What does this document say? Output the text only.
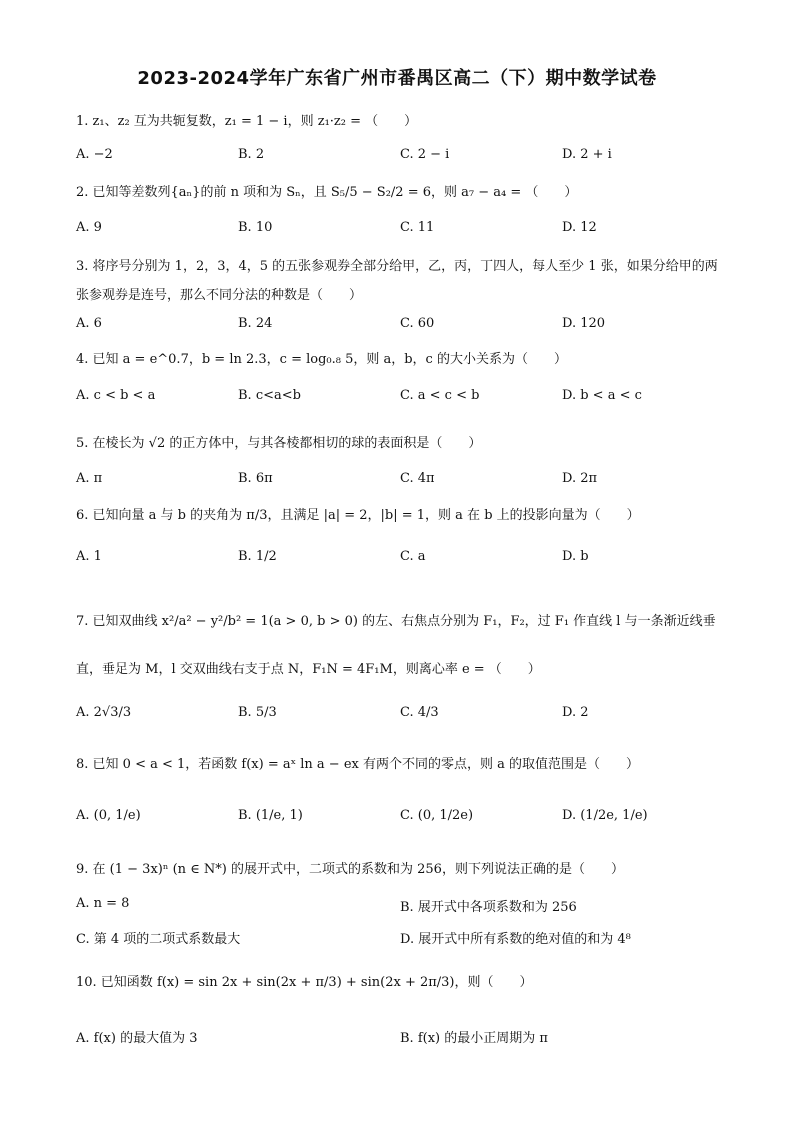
2023-2024学年广东省广州市番禺区高二（下）期中数学试卷
1. z₁、z₂ 互为共轭复数，z₁ = 1 − i，则 z₁·z₂ = （　　）
A. −2	B. 2	C. 2 − i	D. 2 + i
2. 已知等差数列{aₙ}的前 n 项和为 Sₙ，且 S₅/5 − S₂/2 = 6，则 a₇ − a₄ = （　　）
A. 9	B. 10	C. 11	D. 12
3. 将序号分别为 1，2，3，4，5 的五张参观券全部分给甲，乙，丙，丁四人，每人至少 1 张，如果分给甲的两张参观券是连号，那么不同分法的种数是（　　）
A. 6	B. 24	C. 60	D. 120
4. 已知 a = e^0.7，b = ln 2.3，c = log₀.₈ 5，则 a，b，c 的大小关系为（　　）
A. c < b < a	B. c<a<b	C. a < c < b	D. b < a < c
5. 在棱长为 √2 的正方体中，与其各棱都相切的球的表面积是（　　）
A. π	B. 6π	C. 4π	D. 2π
6. 已知向量 a 与 b 的夹角为 π/3，且满足 |a| = 2，|b| = 1，则 a 在 b 上的投影向量为（　　）
A. 1	B. 1/2	C. a	D. b
7. 已知双曲线 x²/a² − y²/b² = 1(a > 0, b > 0) 的左、右焦点分别为 F₁，F₂，过 F₁ 作直线 l 与一条渐近线垂直，垂足为 M，l 交双曲线右支于点 N，F₁N = 4F₁M，则离心率 e = （　　）
A. 2√3/3	B. 5/3	C. 4/3	D. 2
8. 已知 0 < a < 1，若函数 f(x) = aˣ ln a − ex 有两个不同的零点，则 a 的取值范围是（　　）
A. (0, 1/e)	B. (1/e, 1)	C. (0, 1/2e)	D. (1/2e, 1/e)
9. 在 (1 − 3x)ⁿ (n ∈ N*) 的展开式中，二项式的系数和为 256，则下列说法正确的是（　　）
A. n = 8	B. 展开式中各项系数和为 256
C. 第 4 项的二项式系数最大	D. 展开式中所有系数的绝对值的和为 4⁸
10. 已知函数 f(x) = sin 2x + sin(2x + π/3) + sin(2x + 2π/3)，则（　　）
A. f(x) 的最大值为 3	B. f(x) 的最小正周期为 π
